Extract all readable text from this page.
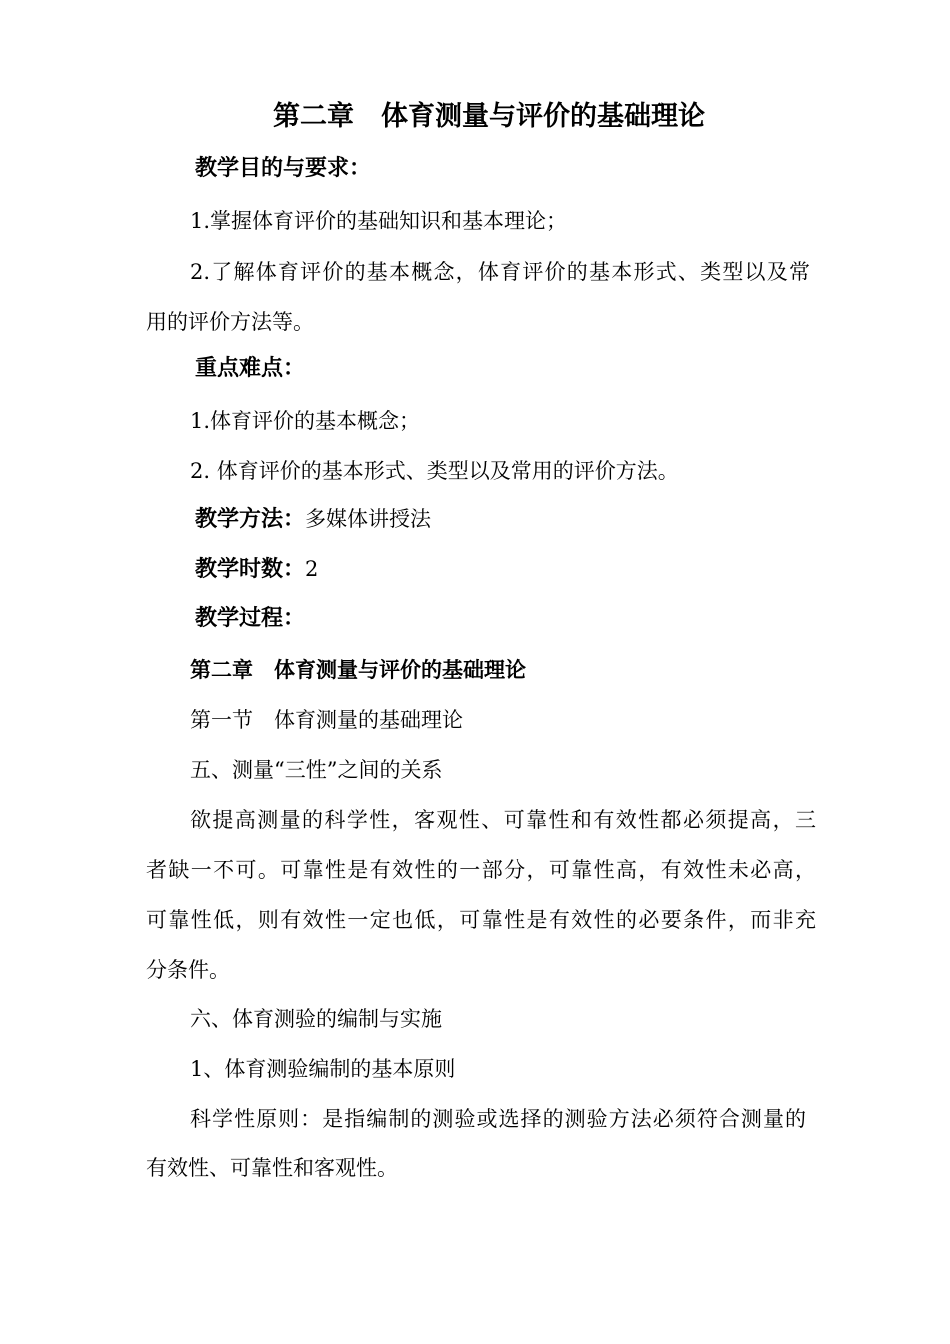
第二章　体育测量与评价的基础理论
教学目的与要求：
1.掌握体育评价的基础知识和基本理论；
2.了解体育评价的基本概念，体育评价的基本形式、类型以及常
用的评价方法等。
重点难点：
1.体育评价的基本概念；
2. 体育评价的基本形式、类型以及常用的评价方法。
教学方法：多媒体讲授法
教学时数：2
教学过程：
第二章　体育测量与评价的基础理论
第一节　体育测量的基础理论
五、测量“三性”之间的关系
欲提高测量的科学性，客观性、可靠性和有效性都必须提高，三
者缺一不可。可靠性是有效性的一部分，可靠性高，有效性未必高，
可靠性低，则有效性一定也低，可靠性是有效性的必要条件，而非充
分条件。
六、体育测验的编制与实施
1、体育测验编制的基本原则
科学性原则：是指编制的测验或选择的测验方法必须符合测量的
有效性、可靠性和客观性。
